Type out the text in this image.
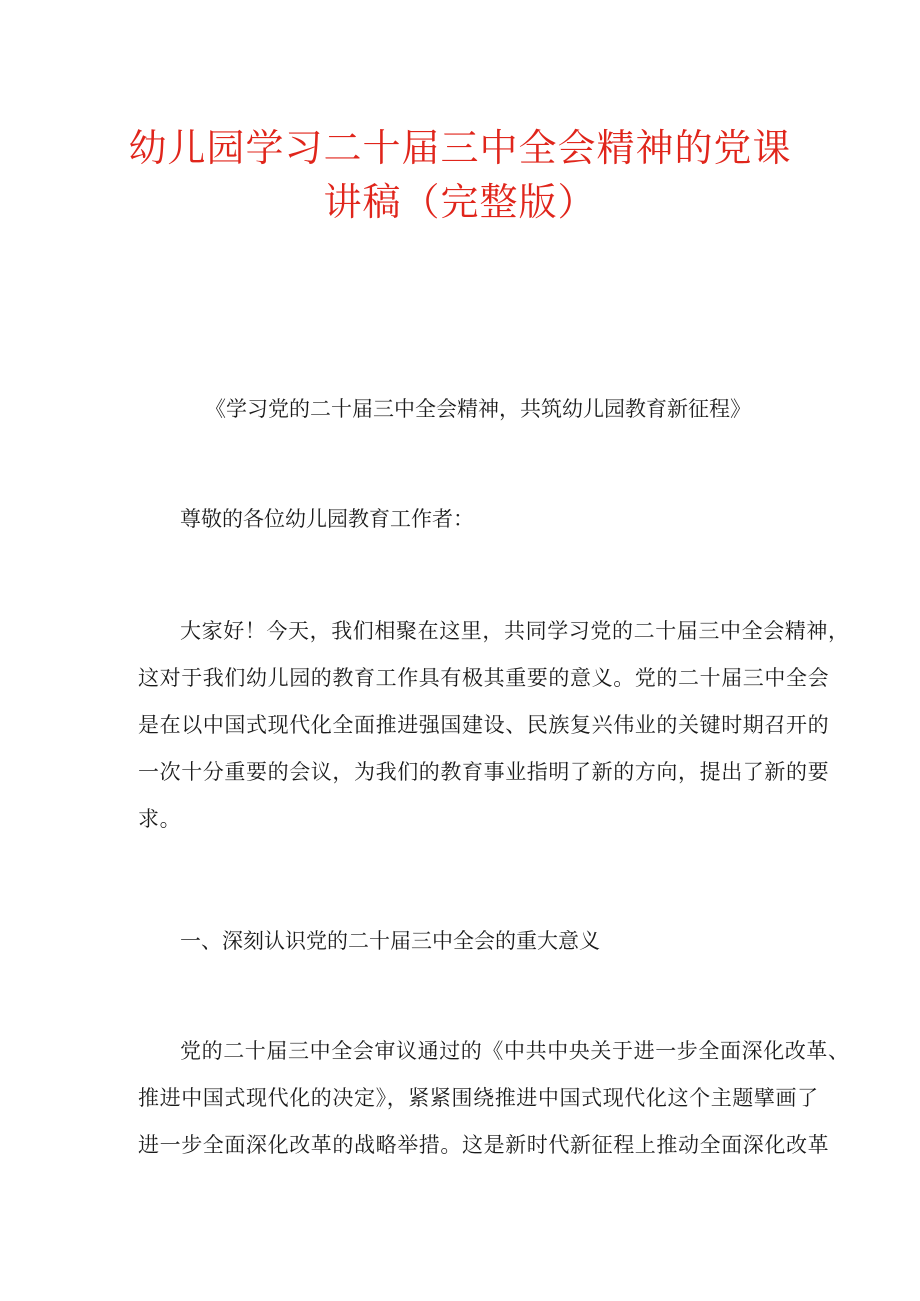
幼儿园学习二十届三中全会精神的党课
讲稿（完整版）
《学习党的二十届三中全会精神，共筑幼儿园教育新征程》
尊敬的各位幼儿园教育工作者：
大家好！今天，我们相聚在这里，共同学习党的二十届三中全会精神，
这对于我们幼儿园的教育工作具有极其重要的意义。党的二十届三中全会
是在以中国式现代化全面推进强国建设、民族复兴伟业的关键时期召开的
一次十分重要的会议，为我们的教育事业指明了新的方向，提出了新的要
求。
一、深刻认识党的二十届三中全会的重大意义
党的二十届三中全会审议通过的《中共中央关于进一步全面深化改革、
推进中国式现代化的决定》，紧紧围绕推进中国式现代化这个主题擘画了
进一步全面深化改革的战略举措。这是新时代新征程上推动全面深化改革
